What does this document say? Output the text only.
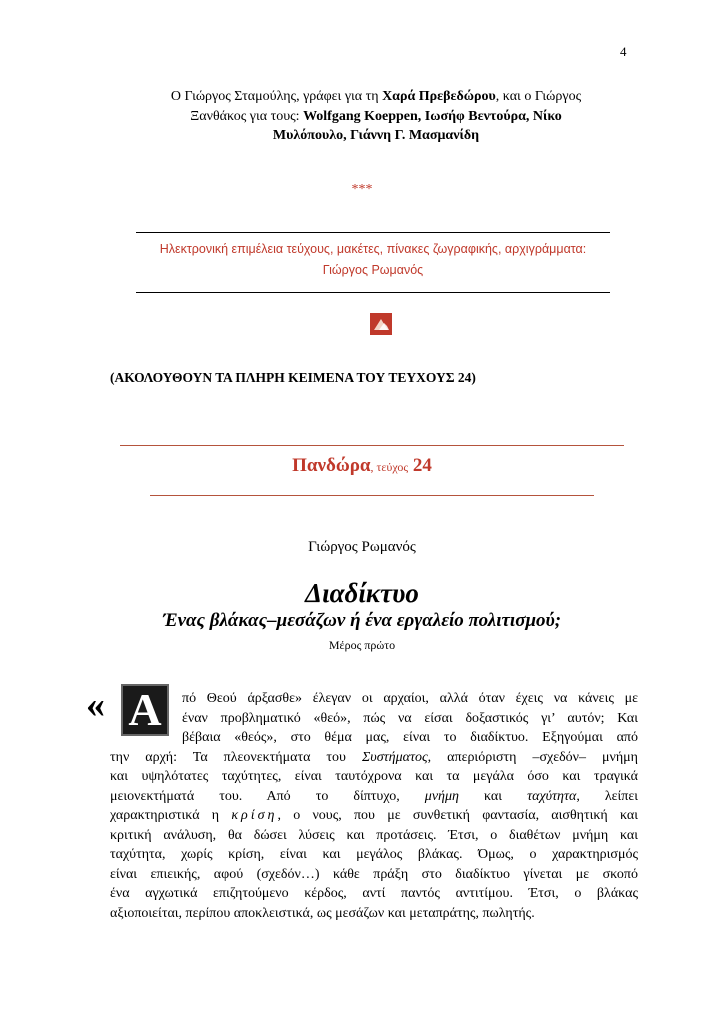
4
Ο Γιώργος Σταμούλης, γράφει για τη Χαρά Πρεβεδώρου, και ο Γιώργος
Ξανθάκος για τους: Wolfgang Koeppen, Ιωσήφ Βεντούρα, Νίκο
Μυλόπουλο, Γιάννη Γ. Μασμανίδη
***
Ηλεκτρονική επιμέλεια τεύχους, μακέτες, πίνακες ζωγραφικής, αρχιγράμματα:
Γιώργος Ρωμανός
(ΑΚΟΛΟΥΘΟΥΝ ΤΑ ΠΛΗΡΗ ΚΕΙΜΕΝΑ ΤΟΥ ΤΕΥΧΟΥΣ 24)
Πανδώρα, τεύχος 24
Γιώργος Ρωμανός
Διαδίκτυο
Ένας βλάκας–μεσάζων ή ένα εργαλείο πολιτισμού;
Μέρος πρώτο
« Α	πό Θεού άρξασθε» έλεγαν οι αρχαίοι, αλλά όταν έχεις να κάνεις με
έναν προβληματικό «θεό», πώς να είσαι δοξαστικός γι’ αυτόν; Και
βέβαια «θεός», στο θέμα μας, είναι το διαδίκτυο. Εξηγούμαι από
την αρχή: Τα πλεονεκτήματα του Συστήματος, απεριόριστη –σχεδόν– μνήμη
και υψηλότατες ταχύτητες, είναι ταυτόχρονα και τα μεγάλα όσο και τραγικά
μειονεκτήματά του. Από το δίπτυχο, μνήμη και ταχύτητα, λείπει
χαρακτηριστικά η κρίση, ο νους, που με συνθετική φαντασία, αισθητική και
κριτική ανάλυση, θα δώσει λύσεις και προτάσεις. Έτσι, ο διαθέτων μνήμη και
ταχύτητα, χωρίς κρίση, είναι και μεγάλος βλάκας. Όμως, ο χαρακτηρισμός
είναι επιεικής, αφού (σχεδόν…) κάθε πράξη στο διαδίκτυο γίνεται με σκοπό
ένα αγχωτικά επιζητούμενο κέρδος, αντί παντός αντιτίμου. Έτσι, ο βλάκας
αξιοποιείται, περίπου αποκλειστικά, ως μεσάζων και μεταπράτης, πωλητής.
